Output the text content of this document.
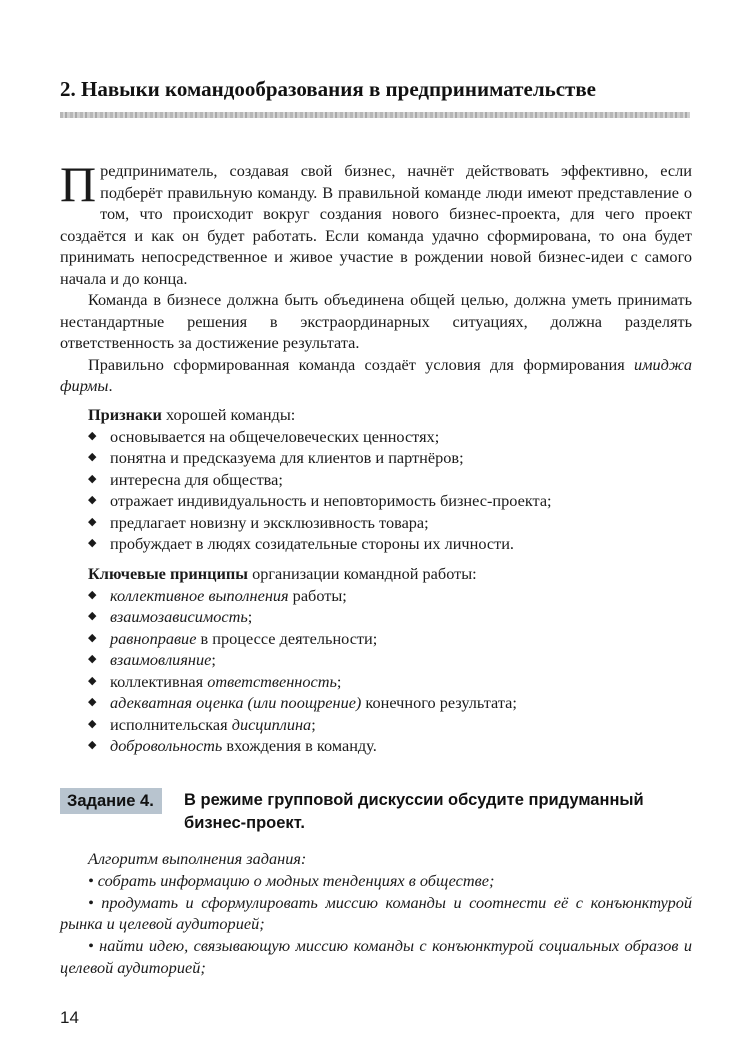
2. Навыки командообразования в предпринимательстве

Предприниматель, создавая свой бизнес, начнёт действовать эффективно, если подберёт правильную команду. В правильной команде люди имеют представление о том, что происходит вокруг создания нового бизнес-проекта, для чего проект создаётся и как он будет работать. Если команда удачно сформирована, то она будет принимать непосредственное и живое участие в рождении новой бизнес-идеи с самого начала и до конца.

Команда в бизнесе должна быть объединена общей целью, должна уметь принимать нестандартные решения в экстраординарных ситуациях, должна разделять ответственность за достижение результата.

Правильно сформированная команда создаёт условия для формирования имиджа фирмы.

Признаки хорошей команды:

◆ основывается на общечеловеческих ценностях;
◆ понятна и предсказуема для клиентов и партнёров;
◆ интересна для общества;
◆ отражает индивидуальность и неповторимость бизнес-проекта;
◆ предлагает новизну и эксклюзивность товара;
◆ пробуждает в людях созидательные стороны их личности.

Ключевые принципы организации командной работы:

◆ коллективное выполнения работы;
◆ взаимозависимость;
◆ равноправие в процессе деятельности;
◆ взаимовлияние;
◆ коллективная ответственность;
◆ адекватная оценка (или поощрение) конечного результата;
◆ исполнительская дисциплина;
◆ добровольность вхождения в команду.
Задание 4.	В режиме групповой дискуссии обсудите придуманный бизнес-проект.

Алгоритм выполнения задания:

• собрать информацию о модных тенденциях в обществе;

• продумать и сформулировать миссию команды и соотнести её с конъюнктурой рынка и целевой аудиторией;

• найти идею, связывающую миссию команды с конъюнктурой социальных образов и целевой аудиторией;

14
